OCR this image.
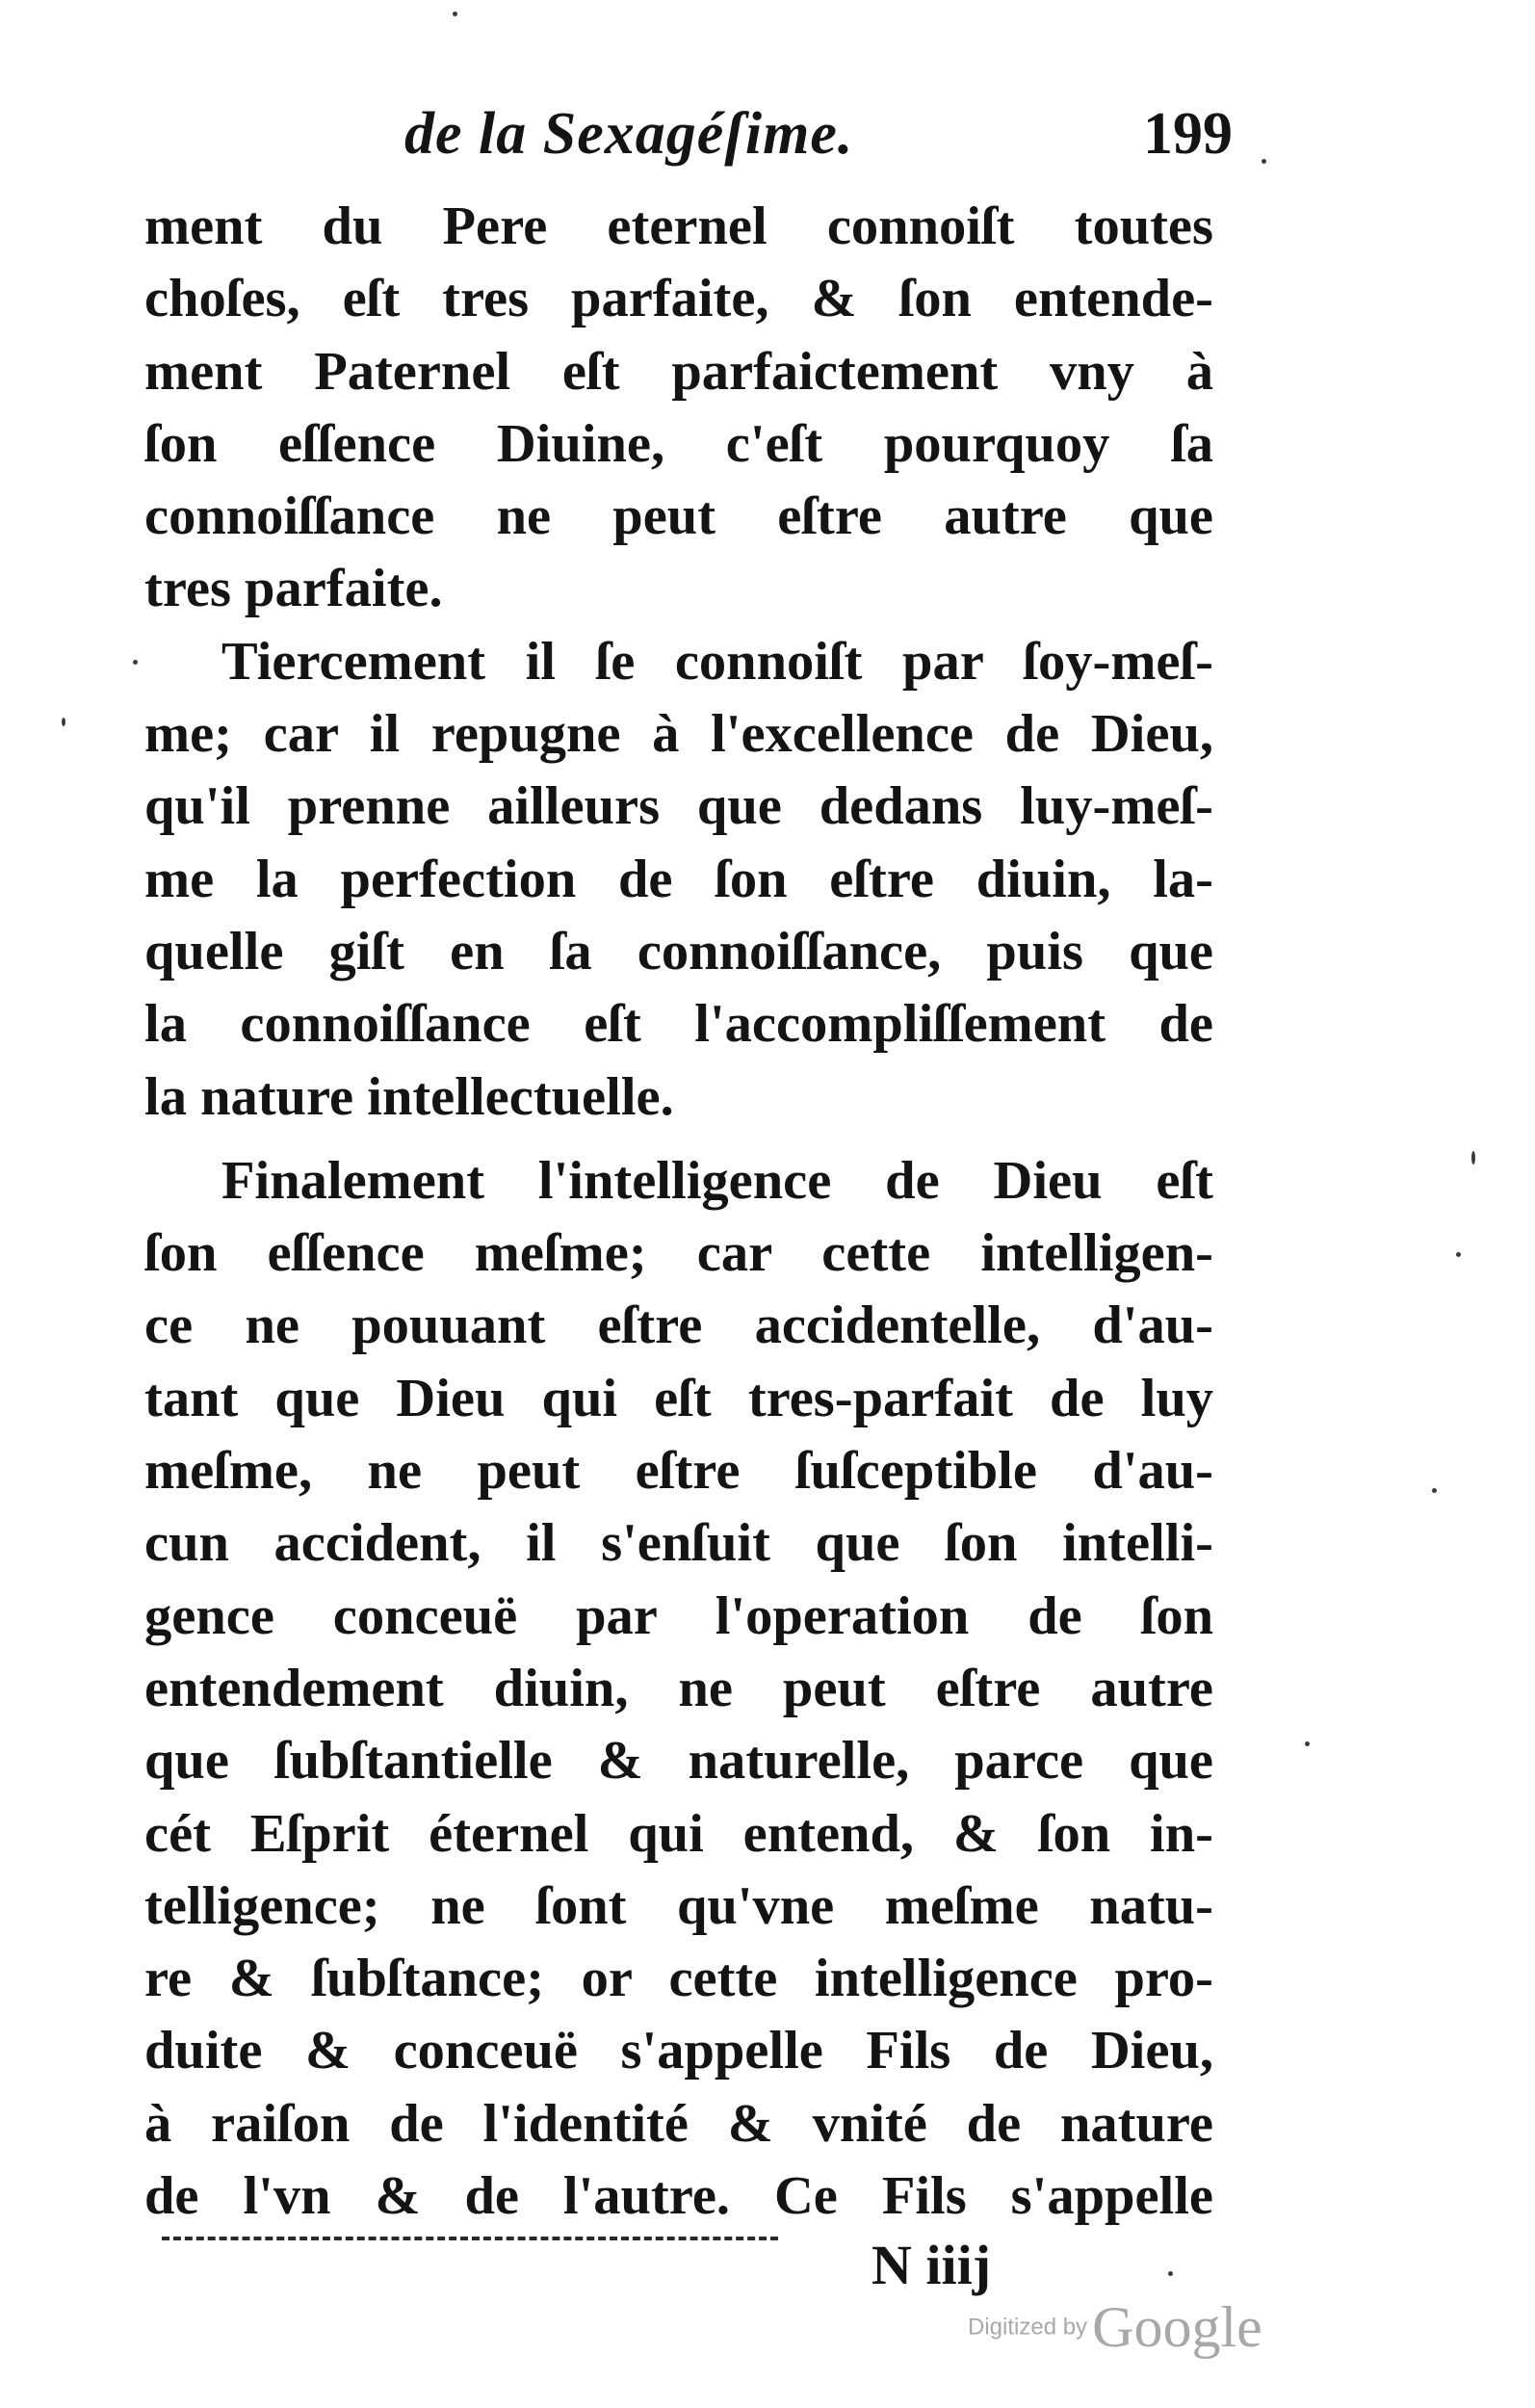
de la Sexagéſime.	199
ment du Pere eternel connoiſt toutes
choſes, eſt tres parfaite, & ſon entende-
ment Paternel eſt parfaictement vny à
ſon eſſence Diuine, c'eſt pourquoy ſa
connoiſſance ne peut eſtre autre que
tres parfaite.
Tiercement il ſe connoiſt par ſoy-meſ-
me; car il repugne à l'excellence de Dieu,
qu'il prenne ailleurs que dedans luy-meſ-
me la perfection de ſon eſtre diuin, la-
quelle giſt en ſa connoiſſance, puis que
la connoiſſance eſt l'accompliſſement de
la nature intellectuelle.
Finalement l'intelligence de Dieu eſt
ſon eſſence meſme; car cette intelligen-
ce ne pouuant eſtre accidentelle, d'au-
tant que Dieu qui eſt tres-parfait de luy
meſme, ne peut eſtre ſuſceptible d'au-
cun accident, il s'enſuit que ſon intelli-
gence conceuë par l'operation de ſon
entendement diuin, ne peut eſtre autre
que ſubſtantielle & naturelle, parce que
cét Eſprit éternel qui entend, & ſon in-
telligence; ne ſont qu'vne meſme natu-
re & ſubſtance; or cette intelligence pro-
duite & conceuë s'appelle Fils de Dieu,
à raiſon de l'identité & vnité de nature
de l'vn & de l'autre. Ce Fils s'appelle
N iiij
Digitized by Google
